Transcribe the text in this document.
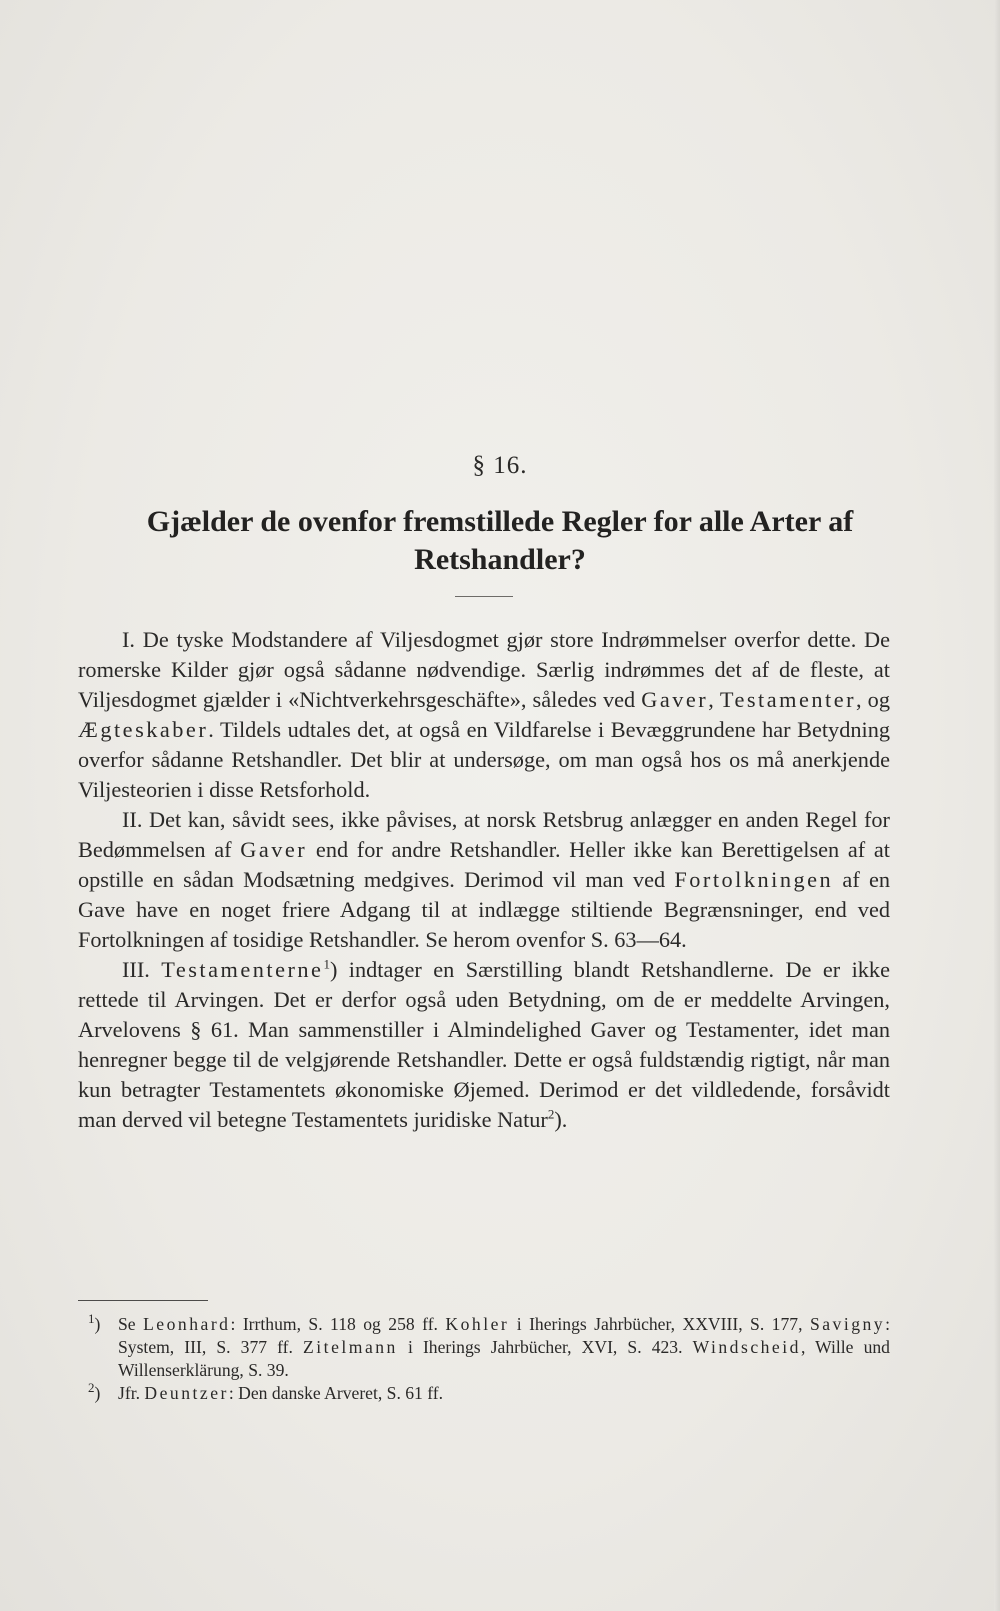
§ 16.
Gjælder de ovenfor fremstillede Regler for alle Arter af Retshandler?

I. De tyske Modstandere af Viljesdogmet gjør store Indrømmelser overfor dette. De romerske Kilder gjør også sådanne nødvendige. Særlig indrømmes det af de fleste, at Viljesdogmet gjælder i «Nichtverkehrsgeschäfte», således ved Gaver, Testamenter, og Ægteskaber. Tildels udtales det, at også en Vildfarelse i Bevæggrundene har Betydning overfor sådanne Retshandler. Det blir at undersøge, om man også hos os må anerkjende Viljesteorien i disse Retsforhold.

II. Det kan, såvidt sees, ikke påvises, at norsk Retsbrug anlægger en anden Regel for Bedømmelsen af Gaver end for andre Retshandler. Heller ikke kan Berettigelsen af at opstille en sådan Modsætning medgives. Derimod vil man ved Fortolkningen af en Gave have en noget friere Adgang til at indlægge stiltiende Begrænsninger, end ved Fortolkningen af tosidige Retshandler. Se herom ovenfor S. 63—64.

III. Testamenterne$^1$) indtager en Særstilling blandt Retshandlerne. De er ikke rettede til Arvingen. Det er derfor også uden Betydning, om de er meddelte Arvingen, Arvelovens § 61. Man sammenstiller i Almindelighed Gaver og Testamenter, idet man henregner begge til de velgjørende Retshandler. Dette er også fuldstændig rigtigt, når man kun betragter Testamentets økonomiske Øjemed. Derimod er det vildledende, forsåvidt man derved vil betegne Testamentets juridiske Natur$^2$).

$^1$) Se Leonhard: Irrthum, S. 118 og 258 ff. Kohler i Iherings Jahrbücher, XXVIII, S. 177, Savigny: System, III, S. 377 ff. Zitelmann i Iherings Jahrbücher, XVI, S. 423. Windscheid, Wille und Willenserklärung, S. 39.

$^2$) Jfr. Deuntzer: Den danske Arveret, S. 61 ff.
